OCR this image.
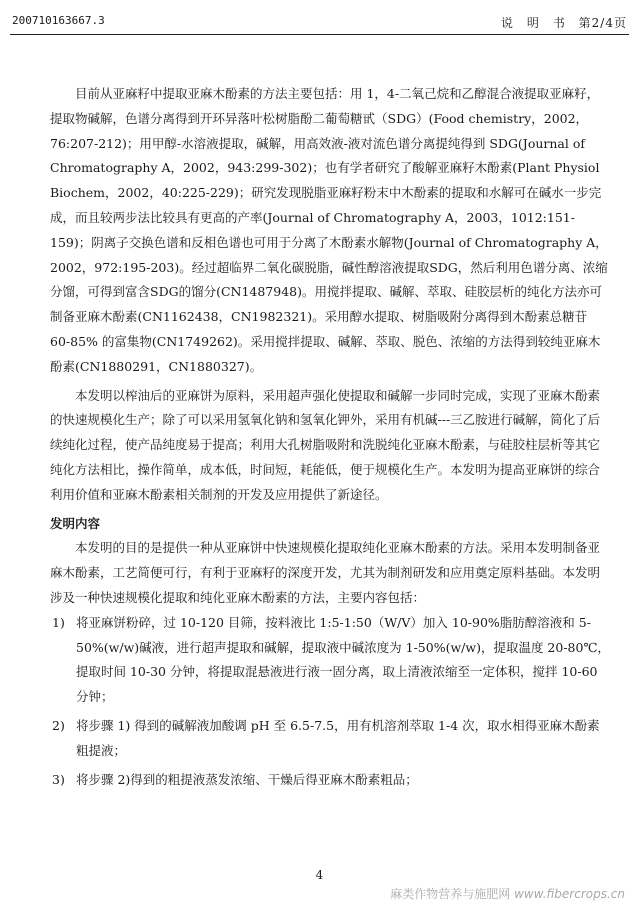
200710163667.3	说　明　书 第2/4页

目前从亚麻籽中提取亚麻木酚素的方法主要包括：用 1，4-二氧己烷和乙醇混合液提取亚麻籽，提取物碱解，色谱分离得到开环异落叶松树脂酚二葡萄糖甙（SDG）(Food chemistry，2002，76:207-212)；用甲醇-水溶液提取，碱解，用高效液-液对流色谱分离提纯得到 SDG(Journal of Chromatography A，2002，943:299-302)；也有学者研究了酸解亚麻籽木酚素(Plant Physiol Biochem，2002，40:225-229)；研究发现脱脂亚麻籽粉末中木酚素的提取和水解可在碱水一步完成，而且较两步法比较具有更高的产率(Journal of Chromatography A，2003，1012:151-159)；阴离子交换色谱和反相色谱也可用于分离了木酚素水解物(Journal of Chromatography A，2002，972:195-203)。经过超临界二氧化碳脱脂，碱性醇溶液提取SDG，然后利用色谱分离、浓缩分馏，可得到富含SDG的馏分(CN1487948)。用搅拌提取、碱解、萃取、硅胶层析的纯化方法亦可制备亚麻木酚素(CN1162438，CN1982321)。采用醇水提取、树脂吸附分离得到木酚素总糖苷 60-85% 的富集物(CN1749262)。采用搅拌提取、碱解、萃取、脱色、浓缩的方法得到较纯亚麻木酚素(CN1880291，CN1880327)。

本发明以榨油后的亚麻饼为原料，采用超声强化使提取和碱解一步同时完成，实现了亚麻木酚素的快速规模化生产；除了可以采用氢氧化钠和氢氧化钾外，采用有机碱---三乙胺进行碱解，简化了后续纯化过程，使产品纯度易于提高；利用大孔树脂吸附和洗脱纯化亚麻木酚素，与硅胶柱层析等其它纯化方法相比，操作简单，成本低，时间短，耗能低，便于规模化生产。本发明为提高亚麻饼的综合利用价值和亚麻木酚素相关制剂的开发及应用提供了新途径。

发明内容

本发明的目的是提供一种从亚麻饼中快速规模化提取纯化亚麻木酚素的方法。采用本发明制备亚麻木酚素，工艺简便可行，有利于亚麻籽的深度开发，尤其为制剂研发和应用奠定原料基础。本发明涉及一种快速规模化提取和纯化亚麻木酚素的方法，主要内容包括：

1) 将亚麻饼粉碎，过 10-120 目筛，按料液比 1:5-1:50（W/V）加入 10-90%脂肪醇溶液和 5-50%(w/w)碱液，进行超声提取和碱解，提取液中碱浓度为 1-50%(w/w)，提取温度 20-80℃，提取时间 10-30 分钟，将提取混悬液进行液一固分离，取上清液浓缩至一定体积，搅拌 10-60 分钟；

2) 将步骤 1) 得到的碱解液加酸调 pH 至 6.5-7.5，用有机溶剂萃取 1-4 次，取水相得亚麻木酚素粗提液；

3) 将步骤 2)得到的粗提液蒸发浓缩、干燥后得亚麻木酚素粗品；

4
麻类作物营养与施肥网 www.fibercrops.cn
